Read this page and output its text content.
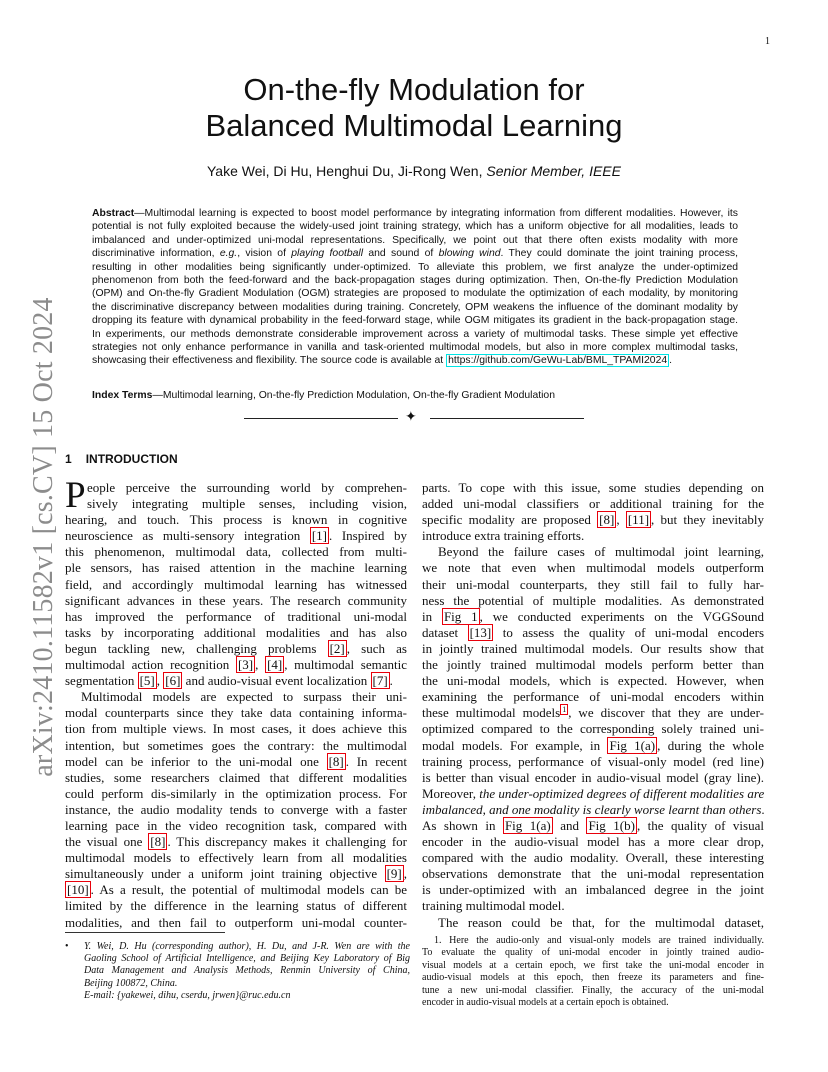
1
arXiv:2410.11582v1 [cs.CV] 15 Oct 2024
On-the-fly Modulation for
Balanced Multimodal Learning
Yake Wei, Di Hu, Henghui Du, Ji-Rong Wen, Senior Member, IEEE
Abstract—Multimodal learning is expected to boost model performance by integrating information from different modalities. However, its
potential is not fully exploited because the widely-used joint training strategy, which has a uniform objective for all modalities, leads to
imbalanced and under-optimized uni-modal representations. Specifically, we point out that there often exists modality with more
discriminative information, e.g., vision of playing football and sound of blowing wind. They could dominate the joint training process,
resulting in other modalities being significantly under-optimized. To alleviate this problem, we first analyze the under-optimized
phenomenon from both the feed-forward and the back-propagation stages during optimization. Then, On-the-fly Prediction Modulation
(OPM) and On-the-fly Gradient Modulation (OGM) strategies are proposed to modulate the optimization of each modality, by monitoring
the discriminative discrepancy between modalities during training. Concretely, OPM weakens the influence of the dominant modality by
dropping its feature with dynamical probability in the feed-forward stage, while OGM mitigates its gradient in the back-propagation stage.
In experiments, our methods demonstrate considerable improvement across a variety of multimodal tasks. These simple yet effective
strategies not only enhance performance in vanilla and task-oriented multimodal models, but also in more complex multimodal tasks,
showcasing their effectiveness and flexibility. The source code is available at https://github.com/GeWu-Lab/BML_TPAMI2024 .
Index Terms—Multimodal learning, On-the-fly Prediction Modulation, On-the-fly Gradient Modulation
✦
1 INTRODUCTION
P eople perceive the surrounding world by comprehen-
sively integrating multiple senses, including vision,
hearing, and touch. This process is known in cognitive
neuroscience as multi-sensory integration [1] . Inspired by
this phenomenon, multimodal data, collected from multi-
ple sensors, has raised attention in the machine learning
field, and accordingly multimodal learning has witnessed
significant advances in these years. The research community
has improved the performance of traditional uni-modal
tasks by incorporating additional modalities and has also
begun tackling new, challenging problems [2] , such as
multimodal action recognition [3] , [4] , multimodal semantic
segmentation [5] , [6] and audio-visual event localization [7] .
Multimodal models are expected to surpass their uni-
modal counterparts since they take data containing informa-
tion from multiple views. In most cases, it does achieve this
intention, but sometimes goes the contrary: the multimodal
model can be inferior to the uni-modal one [8] . In recent
studies, some researchers claimed that different modalities
could perform dis-similarly in the optimization process. For
instance, the audio modality tends to converge with a faster
learning pace in the video recognition task, compared with
the visual one [8] . This discrepancy makes it challenging for
multimodal models to effectively learn from all modalities
simultaneously under a uniform joint training objective [9] ,
[10] . As a result, the potential of multimodal models can be
limited by the difference in the learning status of different
modalities, and then fail to outperform uni-modal counter-
parts. To cope with this issue, some studies depending on
added uni-modal classifiers or additional training for the
specific modality are proposed [8] , [11] , but they inevitably
introduce extra training efforts.
Beyond the failure cases of multimodal joint learning,
we note that even when multimodal models outperform
their uni-modal counterparts, they still fail to fully har-
ness the potential of multiple modalities. As demonstrated
in Fig 1 , we conducted experiments on the VGGSound
dataset [13] to assess the quality of uni-modal encoders
in jointly trained multimodal models. Our results show that
the jointly trained multimodal models perform better than
the uni-modal models, which is expected. However, when
examining the performance of uni-modal encoders within
these multimodal models $^1$ , we discover that they are under-
optimized compared to the corresponding solely trained uni-
modal models. For example, in Fig 1(a) , during the whole
training process, performance of visual-only model (red line)
is better than visual encoder in audio-visual model (gray line).
Moreover, the under-optimized degrees of different modalities are
imbalanced, and one modality is clearly worse learnt than others.
As shown in Fig 1(a) and Fig 1(b) , the quality of visual
encoder in the audio-visual model has a more clear drop,
compared with the audio modality. Overall, these interesting
observations demonstrate that the uni-modal representation
is under-optimized with an imbalanced degree in the joint
training multimodal model.
The reason could be that, for the multimodal dataset,
• Y. Wei, D. Hu (corresponding author), H. Du, and J-R. Wen are with the
Gaoling School of Artificial Intelligence, and Beijing Key Laboratory of Big
Data Management and Analysis Methods, Renmin University of China,
Beijing 100872, China.
E-mail: {yakewei, dihu, cserdu, jrwen}@ruc.edu.cn
1. Here the audio-only and visual-only models are trained individually.
To evaluate the quality of uni-modal encoder in jointly trained audio-
visual models at a certain epoch, we first take the uni-modal encoder in
audio-visual models at this epoch, then freeze its parameters and fine-
tune a new uni-modal classifier. Finally, the accuracy of the uni-modal
encoder in audio-visual models at a certain epoch is obtained.
